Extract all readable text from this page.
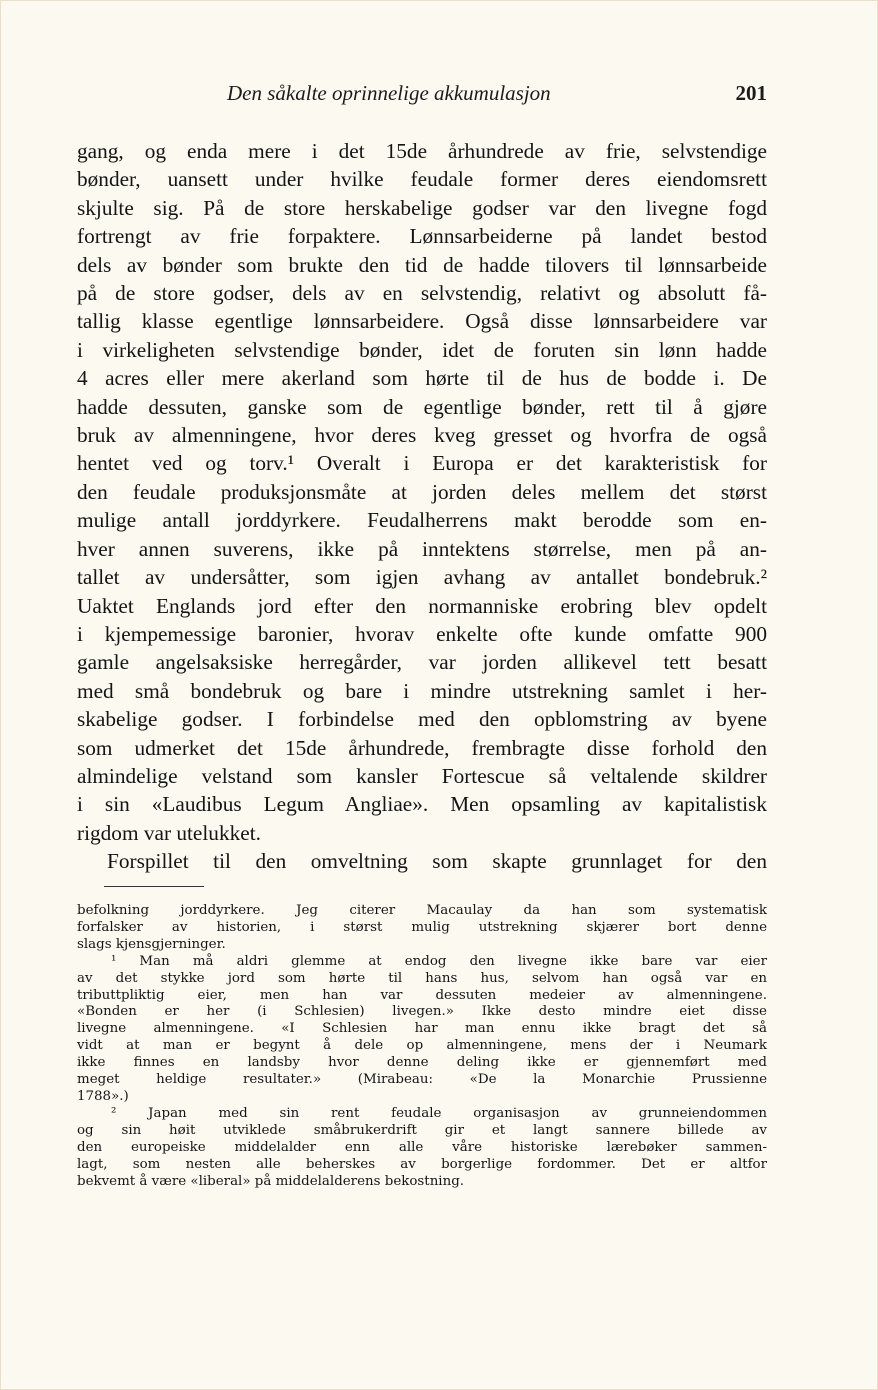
Den såkalte oprinnelige akkumulasjon	201
gang, og enda mere i det 15de århundrede av frie, selvstendige
bønder, uansett under hvilke feudale former deres eiendomsrett
skjulte sig. På de store herskabelige godser var den livegne fogd
fortrengt av frie forpaktere. Lønnsarbeiderne på landet bestod
dels av bønder som brukte den tid de hadde tilovers til lønnsarbeide
på de store godser, dels av en selvstendig, relativt og absolutt få-
tallig klasse egentlige lønnsarbeidere. Også disse lønnsarbeidere var
i virkeligheten selvstendige bønder, idet de foruten sin lønn hadde
4 acres eller mere akerland som hørte til de hus de bodde i. De
hadde dessuten, ganske som de egentlige bønder, rett til å gjøre
bruk av almenningene, hvor deres kveg gresset og hvorfra de også
hentet ved og torv.¹ Overalt i Europa er det karakteristisk for
den feudale produksjonsmåte at jorden deles mellem det størst
mulige antall jorddyrkere. Feudalherrens makt berodde som en-
hver annen suverens, ikke på inntektens størrelse, men på an-
tallet av undersåtter, som igjen avhang av antallet bondebruk.²
Uaktet Englands jord efter den normanniske erobring blev opdelt
i kjempemessige baronier, hvorav enkelte ofte kunde omfatte 900
gamle angelsaksiske herregårder, var jorden allikevel tett besatt
med små bondebruk og bare i mindre utstrekning samlet i her-
skabelige godser. I forbindelse med den opblomstring av byene
som udmerket det 15de århundrede, frembragte disse forhold den
almindelige velstand som kansler Fortescue så veltalende skildrer
i sin «Laudibus Legum Angliae». Men opsamling av kapitalistisk
rigdom var utelukket.
Forspillet til den omveltning som skapte grunnlaget for den
befolkning jorddyrkere. Jeg citerer Macaulay da han som systematisk
forfalsker av historien, i størst mulig utstrekning skjærer bort denne
slags kjensgjerninger.
¹ Man må aldri glemme at endog den livegne ikke bare var eier
av det stykke jord som hørte til hans hus, selvom han også var en
tributtpliktig eier, men han var dessuten medeier av almenningene.
«Bonden er her (i Schlesien) livegen.» Ikke desto mindre eiet disse
livegne almenningene. «I Schlesien har man ennu ikke bragt det så
vidt at man er begynt å dele op almenningene, mens der i Neumark
ikke finnes en landsby hvor denne deling ikke er gjennemført med
meget heldige resultater.» (Mirabeau: «De la Monarchie Prussienne
1788».)
² Japan med sin rent feudale organisasjon av grunneiendommen
og sin høit utviklede småbrukerdrift gir et langt sannere billede av
den europeiske middelalder enn alle våre historiske lærebøker sammen-
lagt, som nesten alle beherskes av borgerlige fordommer. Det er altfor
bekvemt å være «liberal» på middelalderens bekostning.
